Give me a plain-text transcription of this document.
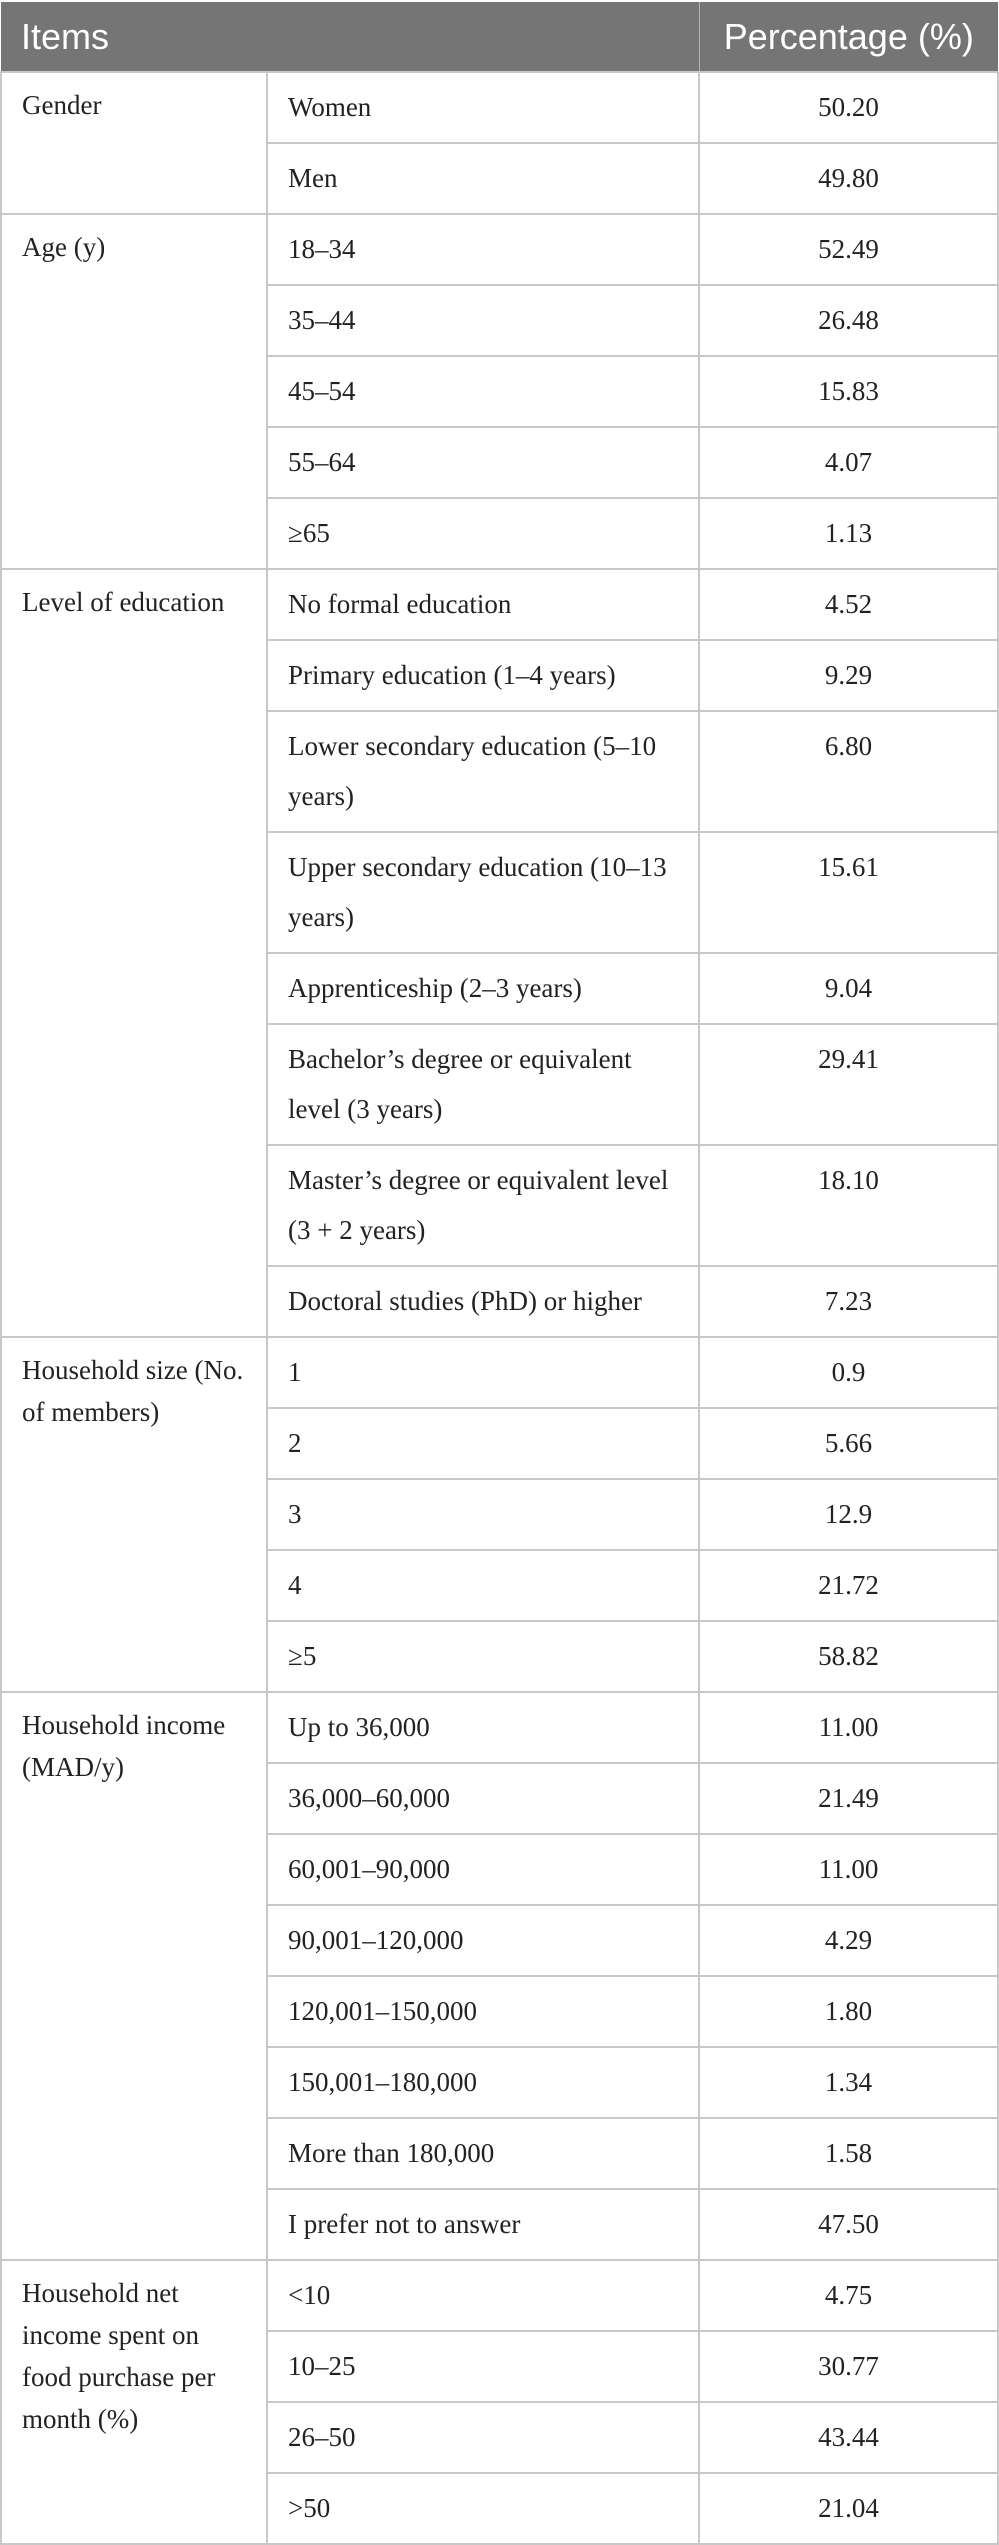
Items		Percentage (%)
Gender	Women	50.20
	Men	49.80
Age (y)	18–34	52.49
	35–44	26.48
	45–54	15.83
	55–64	4.07
	≥65	1.13
Level of education	No formal education	4.52
	Primary education (1–4 years)	9.29
	Lower secondary education (5–10 years)	6.80
	Upper secondary education (10–13 years)	15.61
	Apprenticeship (2–3 years)	9.04
	Bachelor’s degree or equivalent level (3 years)	29.41
	Master’s degree or equivalent level (3 + 2 years)	18.10
	Doctoral studies (PhD) or higher	7.23
Household size (No. of members)	1	0.9
	2	5.66
	3	12.9
	4	21.72
	≥5	58.82
Household income (MAD/y)	Up to 36,000	11.00
	36,000–60,000	21.49
	60,001–90,000	11.00
	90,001–120,000	4.29
	120,001–150,000	1.80
	150,001–180,000	1.34
	More than 180,000	1.58
	I prefer not to answer	47.50
Household net income spent on food purchase per month (%)	<10	4.75
	10–25	30.77
	26–50	43.44
	>50	21.04
